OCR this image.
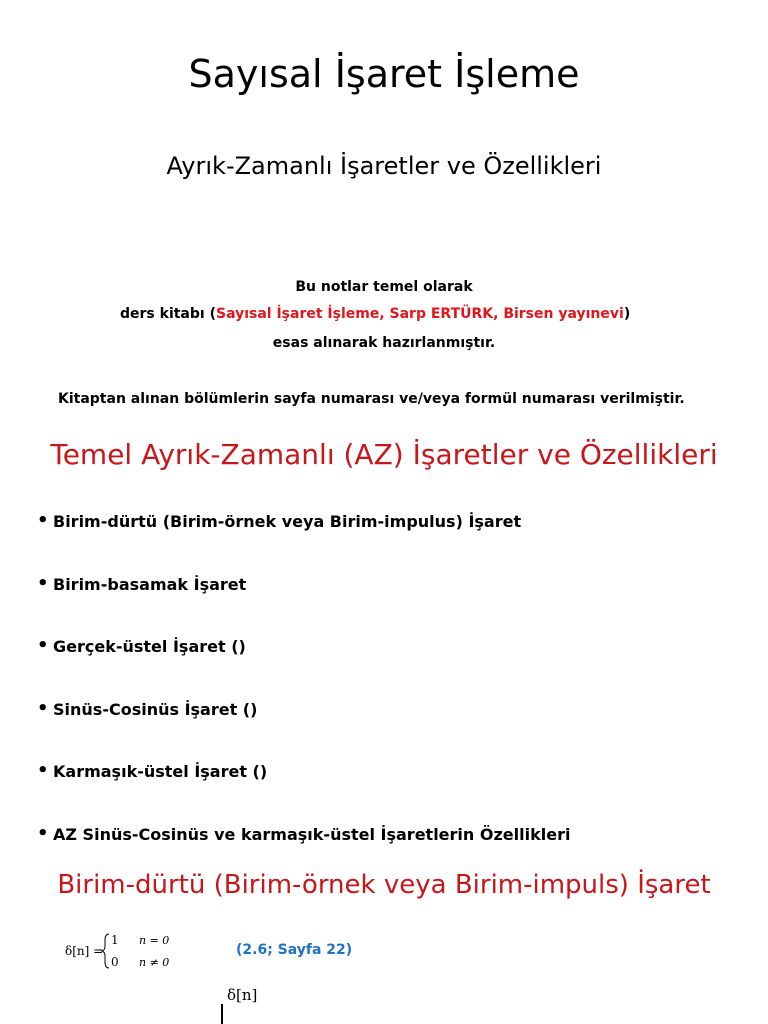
Sayısal İşaret İşleme
Ayrık-Zamanlı İşaretler ve Özellikleri
Bu notlar temel olarak
ders kitabı (Sayısal İşaret İşleme, Sarp ERTÜRK, Birsen yayınevi)
esas alınarak hazırlanmıştır.
Kitaptan alınan bölümlerin sayfa numarası ve/veya formül numarası verilmiştir.
Temel Ayrık-Zamanlı (AZ) İşaretler ve Özellikleri
• Birim-dürtü (Birim-örnek veya Birim-impulus) İşaret
• Birim-basamak İşaret
• Gerçek-üstel İşaret ()
• Sinüs-Cosinüs İşaret ()
• Karmaşık-üstel İşaret ()
• AZ Sinüs-Cosinüs ve karmaşık-üstel İşaretlerin Özellikleri
Birim-dürtü (Birim-örnek veya Birim-impuls) İşaret
δ[n] =
1 n = 0
0 n ≠ 0
(2.6; Sayfa 22)
δ[n]
